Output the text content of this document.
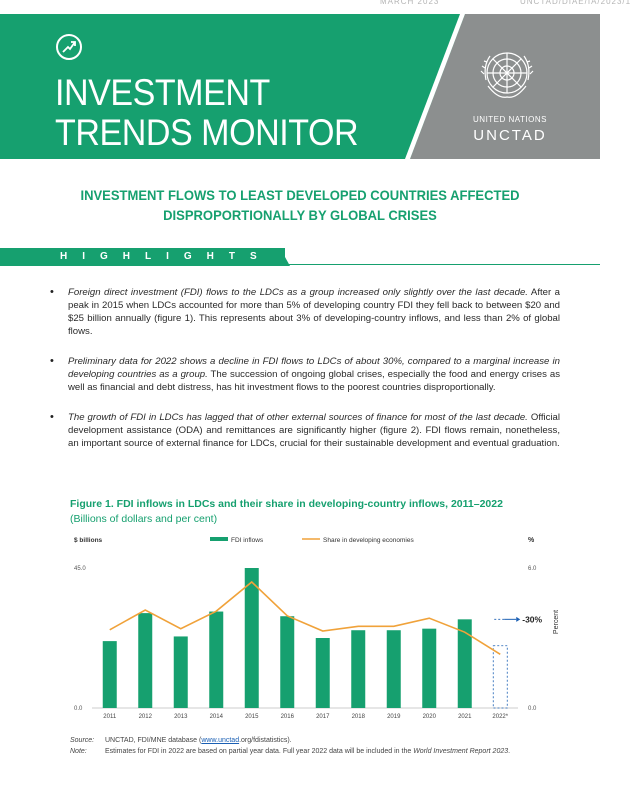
MARCH 2023	UNCTAD/DIAE/IA/2023/1
INVESTMENT
TRENDS MONITOR	UNITED NATIONS
UNCTAD
INVESTMENT FLOWS TO LEAST DEVELOPED COUNTRIES AFFECTED
DISPROPORTIONALLY BY GLOBAL CRISES
HIGHLIGHTS
• Foreign direct investment (FDI) flows to the LDCs as a group increased only slightly over the last decade. After a peak in 2015 when LDCs accounted for more than 5% of developing country FDI they fell back to between $20 and $25 billion annually (figure 1). This represents about 3% of developing-country inflows, and less than 2% of global flows.
• Preliminary data for 2022 shows a decline in FDI flows to LDCs of about 30%, compared to a marginal increase in developing countries as a group. The succession of ongoing global crises, especially the food and energy crises as well as financial and debt distress, has hit investment flows to the poorest countries disproportionally.
• The growth of FDI in LDCs has lagged that of other external sources of finance for most of the last decade. Official development assistance (ODA) and remittances are significantly higher (figure 2). FDI flows remain, nonetheless, an important source of external finance for LDCs, crucial for their sustainable development and eventual graduation.
Figure 1. FDI inflows in LDCs and their share in developing-country inflows, 2011–2022 (Billions of dollars and per cent)
$ billions	%
45.0
0.0
6.0
0.0
Percent
FDI inflows	Share in developing economies
2011	2012	2013	2014	2015	2016	2017	2018	2019	2020	2021	2022*
-30%
Source: UNCTAD, FDI/MNE database (www.unctad.org/fdistatistics).
Note:	Estimates for FDI in 2022 are based on partial year data. Full year 2022 data will be included in the World Investment Report 2023.
